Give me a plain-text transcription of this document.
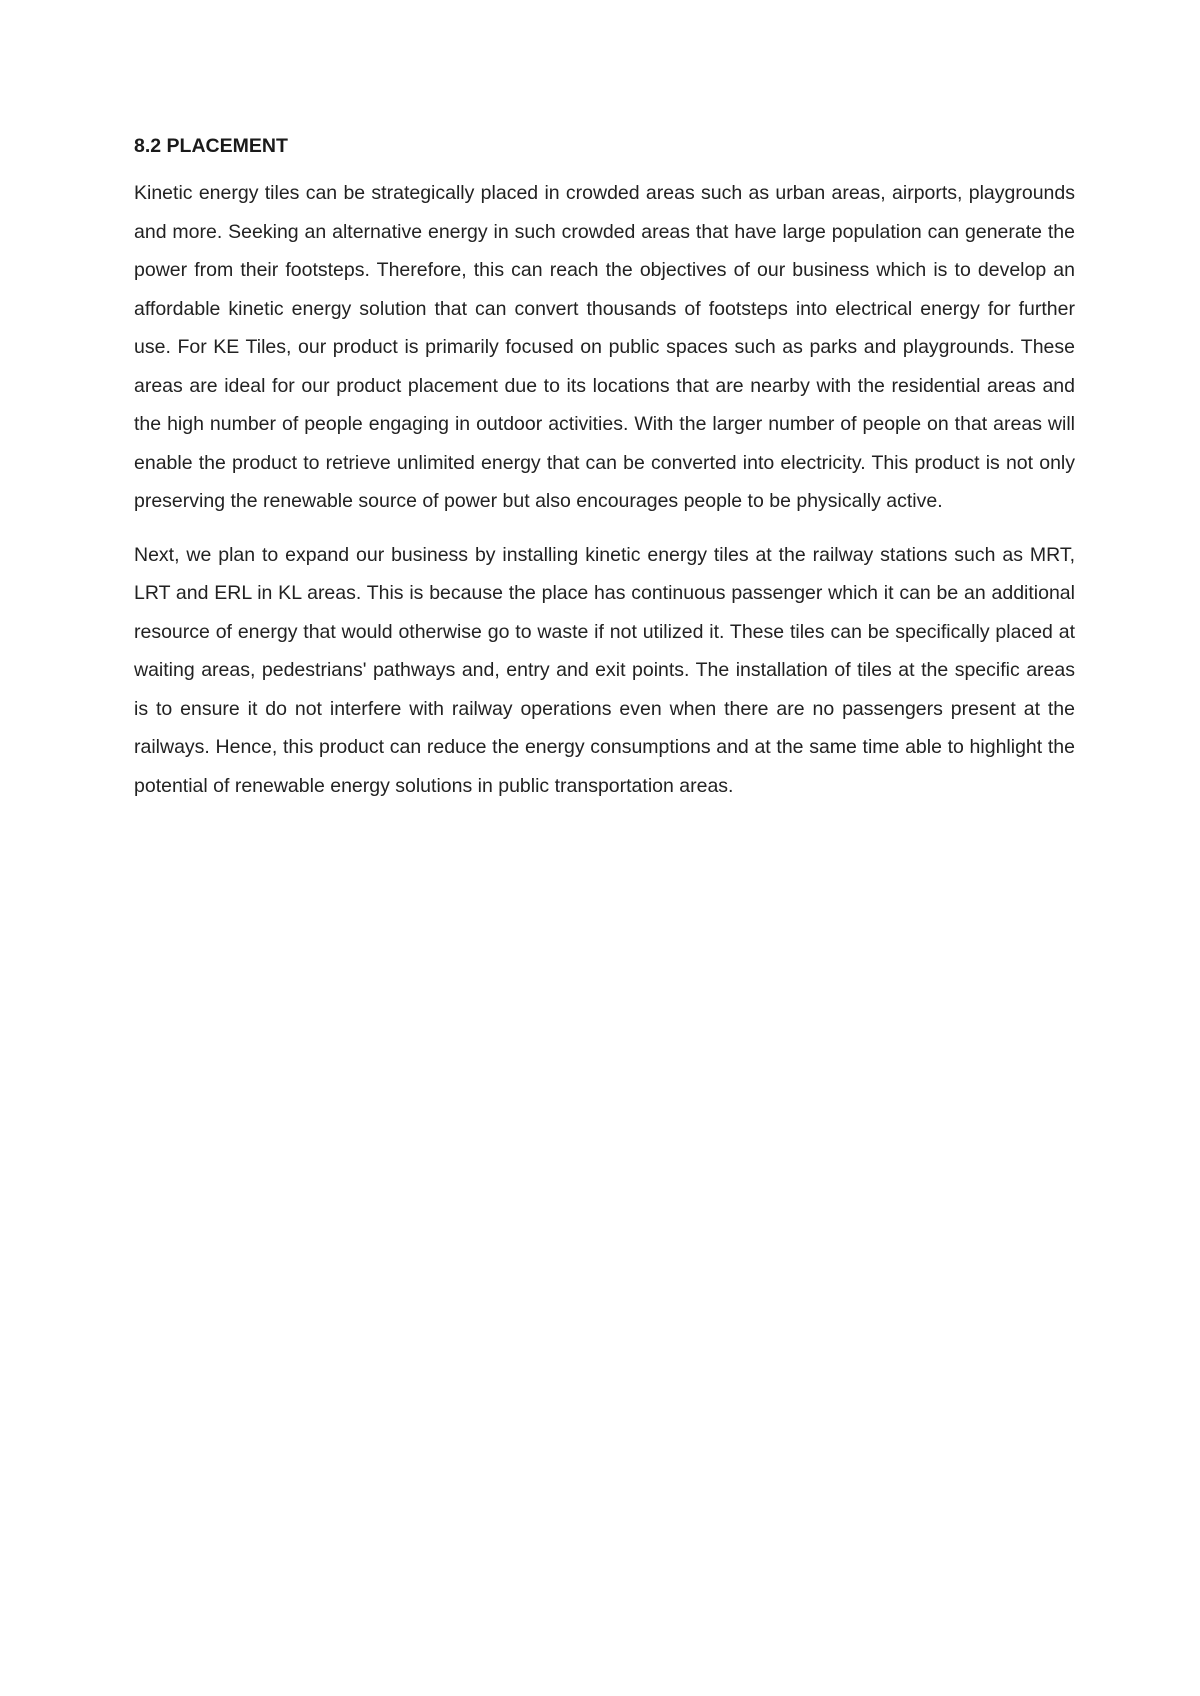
8.2 PLACEMENT

Kinetic energy tiles can be strategically placed in crowded areas such as urban areas, airports, playgrounds and more. Seeking an alternative energy in such crowded areas that have large population can generate the power from their footsteps. Therefore, this can reach the objectives of our business which is to develop an affordable kinetic energy solution that can convert thousands of footsteps into electrical energy for further use. For KE Tiles, our product is primarily focused on public spaces such as parks and playgrounds. These areas are ideal for our product placement due to its locations that are nearby with the residential areas and the high number of people engaging in outdoor activities. With the larger number of people on that areas will enable the product to retrieve unlimited energy that can be converted into electricity. This product is not only preserving the renewable source of power but also encourages people to be physically active.

Next, we plan to expand our business by installing kinetic energy tiles at the railway stations such as MRT, LRT and ERL in KL areas. This is because the place has continuous passenger which it can be an additional resource of energy that would otherwise go to waste if not utilized it. These tiles can be specifically placed at waiting areas, pedestrians' pathways and, entry and exit points. The installation of tiles at the specific areas is to ensure it do not interfere with railway operations even when there are no passengers present at the railways. Hence, this product can reduce the energy consumptions and at the same time able to highlight the potential of renewable energy solutions in public transportation areas.
